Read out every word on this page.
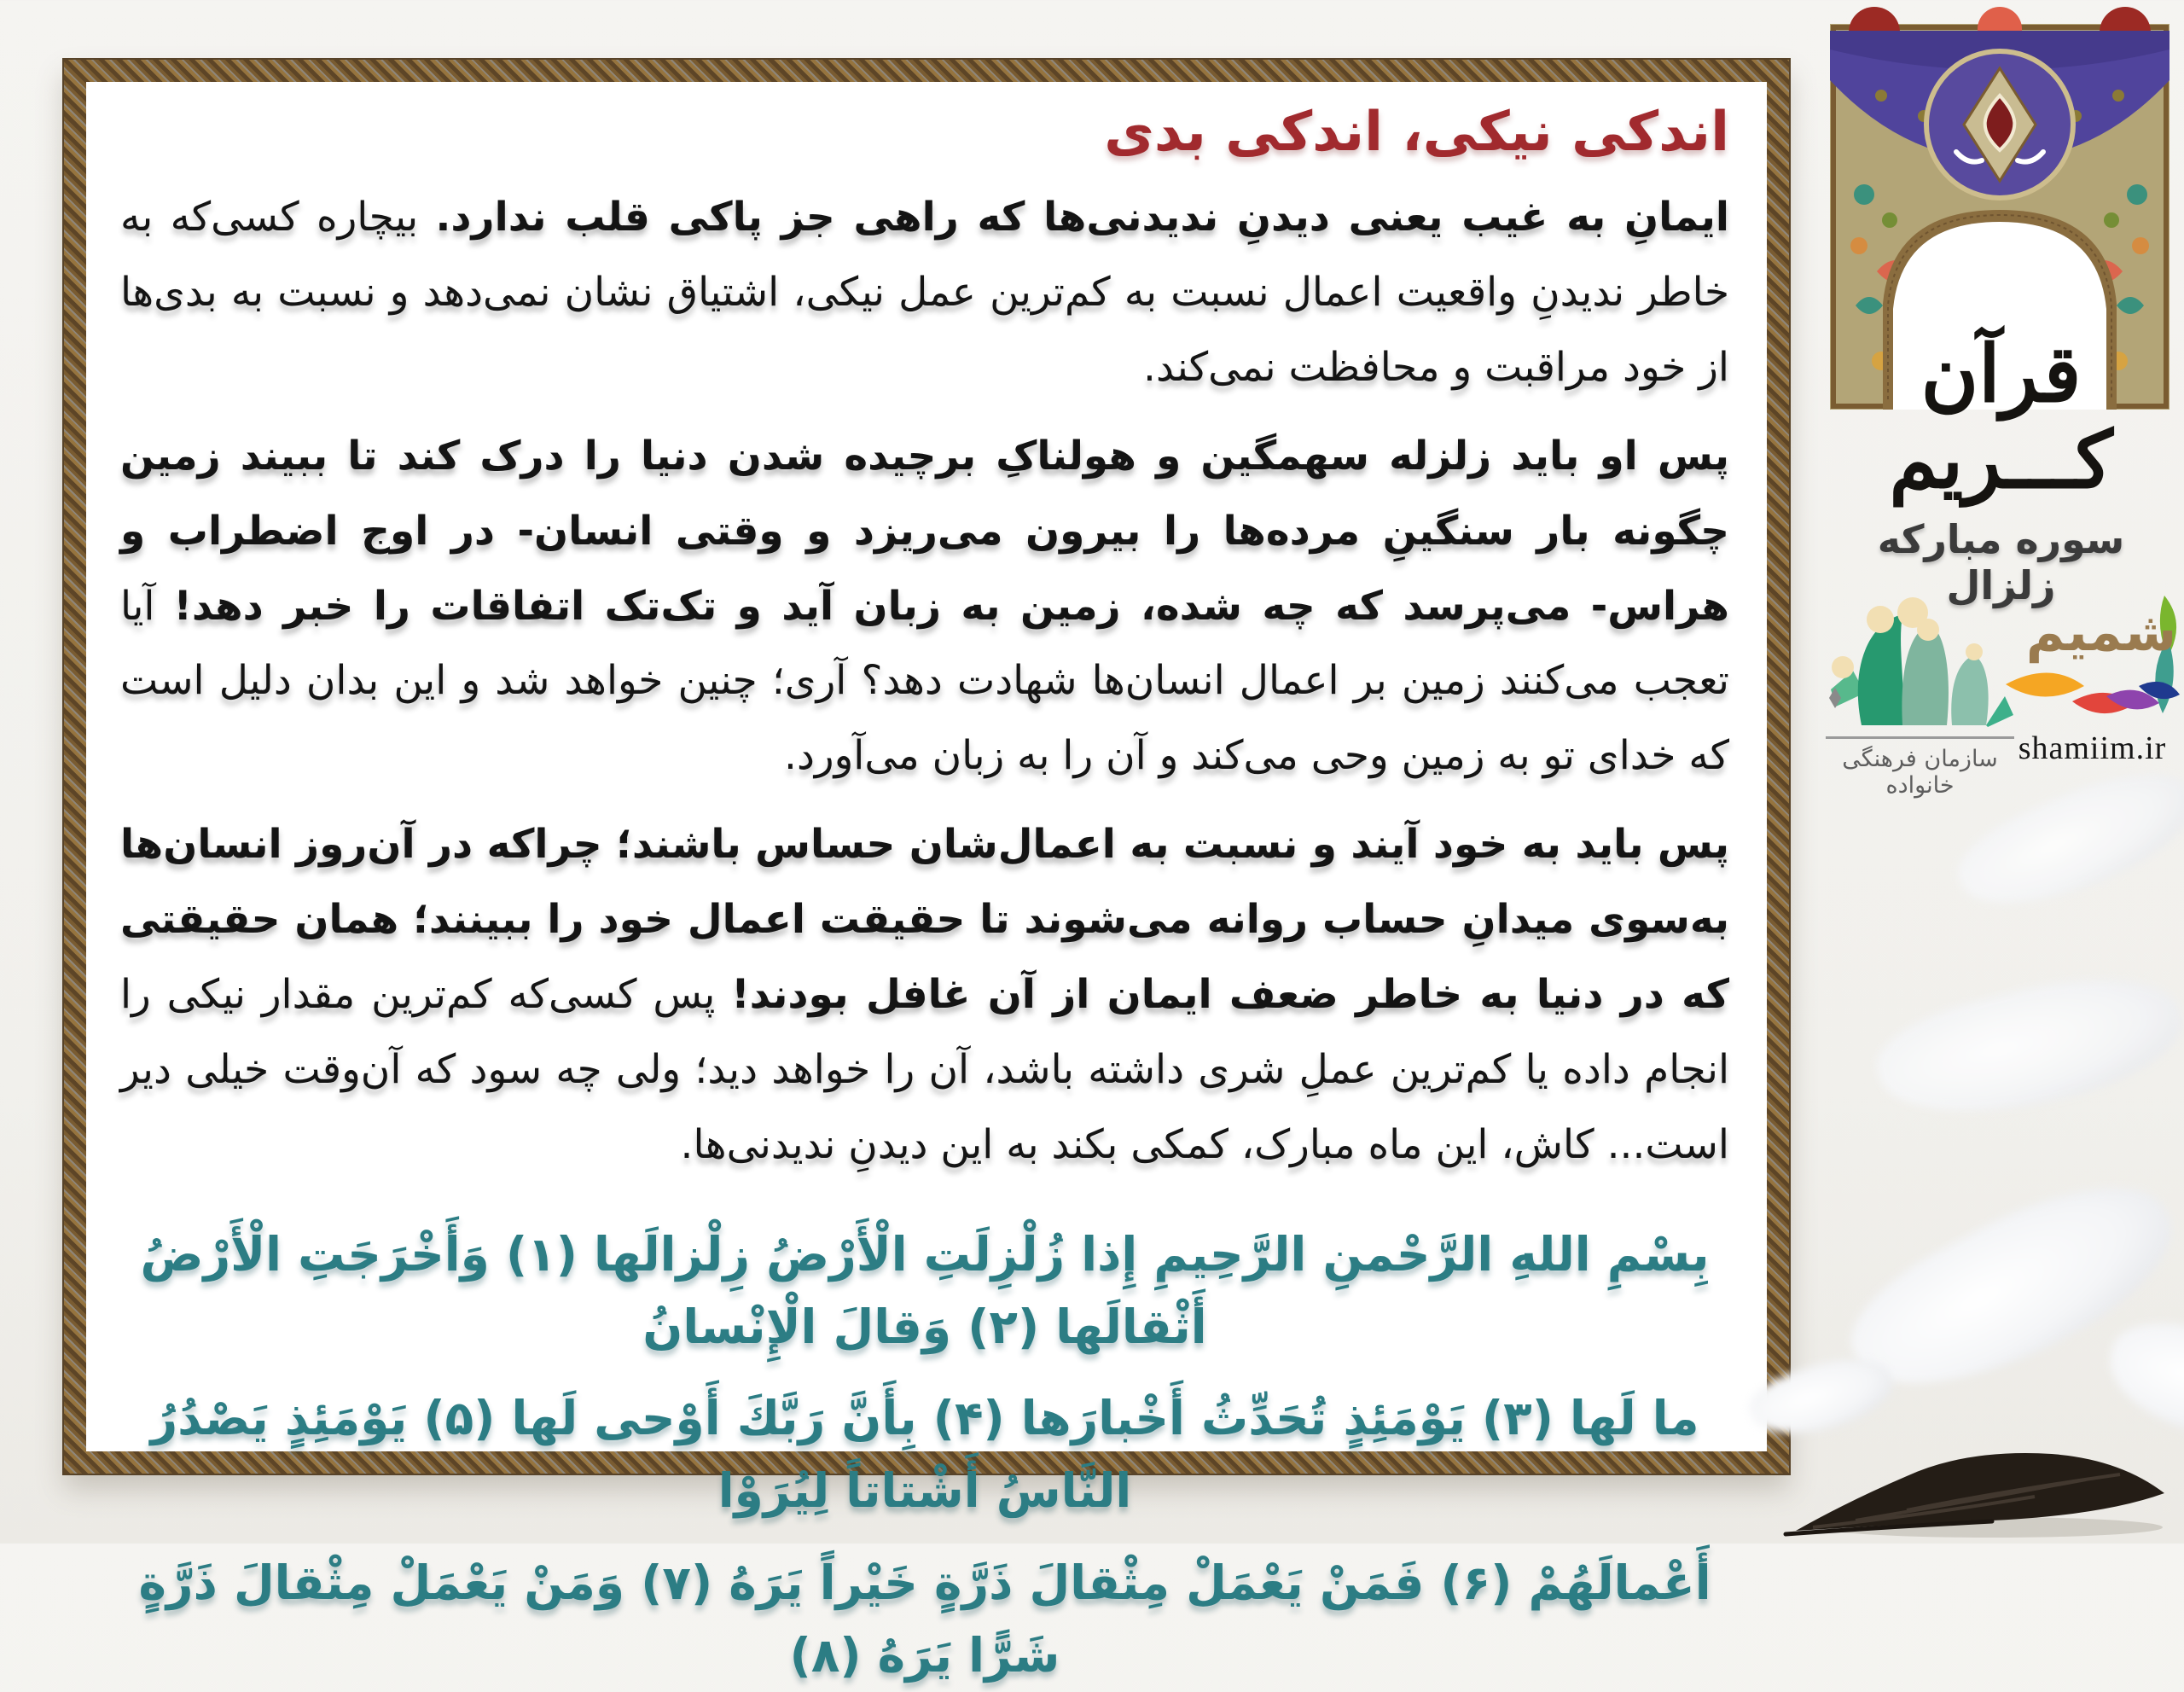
اندکی نیکی، اندکی بدی

ایمانِ به غیب یعنی دیدنِ ندیدنی‌ها که راهی جز پاکی قلب ندارد. بیچاره کسی‌که به خاطر ندیدنِ واقعیت اعمال نسبت به کم‌ترین عمل نیکی، اشتیاق نشان نمی‌دهد و نسبت به بدی‌ها از خود مراقبت و محافظت نمی‌کند.

پس او باید زلزله سهمگین و هولناکِ برچیده شدن دنیا را درک کند تا ببیند زمین چگونه بار سنگینِ مرده‌ها را بیرون می‌ریزد و وقتی انسان- در اوج اضطراب و هراس- می‌پرسد که چه شده، زمین به زبان آید و تک‌تک اتفاقات را خبر دهد! آیا تعجب می‌کنند زمین بر اعمال انسان‌ها شهادت دهد؟ آری؛ چنین خواهد شد و این بدان دلیل است که خدای تو به زمین وحی می‌کند و آن را به زبان می‌آورد.

پس باید به خود آیند و نسبت به اعمال‌شان حساس باشند؛ چراکه در آن‌روز انسان‌ها به‌سوی میدانِ حساب روانه می‌شوند تا حقیقت اعمال خود را ببینند؛ همان حقیقتی که در دنیا به خاطر ضعف ایمان از آن غافل بودند! پس کسی‌که کم‌ترین مقدار نیکی را انجام داده یا کم‌ترین عملِ شری داشته باشد، آن را خواهد دید؛ ولی چه سود که آن‌وقت خیلی دیر است... کاش، این ماه مبارک، کمکی بکند به این دیدنِ ندیدنی‌ها.

بِسْمِ اللهِ الرَّحْمنِ الرَّحِيمِ إِذا زُلْزِلَتِ الْأَرْضُ زِلْزالَها (۱) وَأَخْرَجَتِ الْأَرْضُ أَثْقالَها (۲) وَقالَ الْإِنْسانُ
ما لَها (۳) يَوْمَئِذٍ تُحَدِّثُ أَخْبارَها (۴) بِأَنَّ رَبَّكَ أَوْحى لَها (۵) يَوْمَئِذٍ يَصْدُرُ النَّاسُ أَشْتاتاً لِيُرَوْا
أَعْمالَهُمْ (۶) فَمَنْ يَعْمَلْ مِثْقالَ ذَرَّةٍ خَيْراً يَرَهُ (۷) وَمَنْ يَعْمَلْ مِثْقالَ ذَرَّةٍ شَرًّا يَرَهُ (۸)
قرآن کـــریم
سوره مبارکه زلزال
سازمان فرهنگی خانواده
شمیم
shamiim.ir
